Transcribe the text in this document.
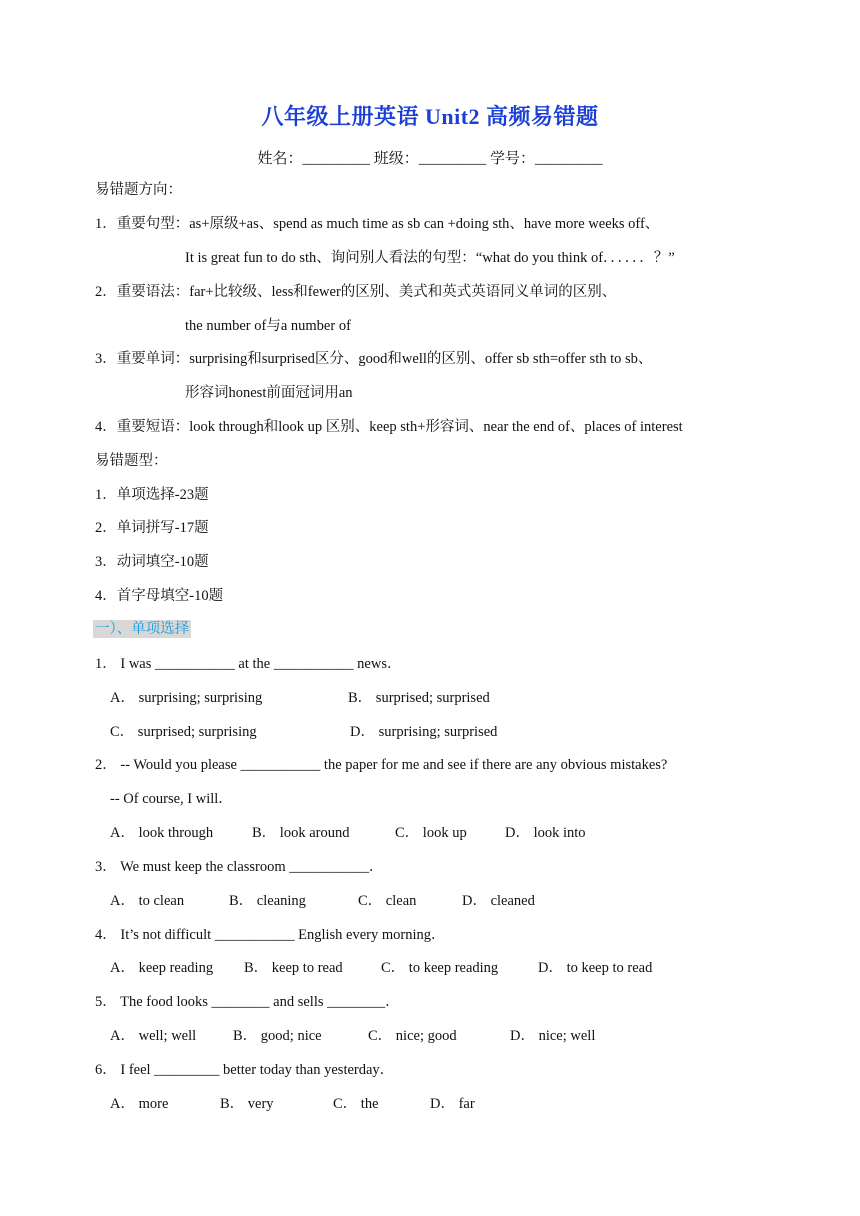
八年级上册英语 Unit2 高频易错题
姓名：_________ 班级：_________ 学号：_________
易错题方向：
1．重要句型：as+原级+as、spend as much time as sb can +doing sth、have more weeks off、
It is great fun to do sth、询问别人看法的句型：“what do you think of．．．．．．？”
2．重要语法：far+比较级、less和fewer的区别、美式和英式英语同义单词的区别、
the number of与a number of
3．重要单词：surprising和surprised区分、good和well的区别、offer sb sth=offer sth to sb、
形容词honest前面冠词用an
4．重要短语：look through和look up 区别、keep sth+形容词、near the end of、places of interest
易错题型：
1．单项选择-23题
2．单词拼写-17题
3．动词填空-10题
4．首字母填空-10题
一）、单项选择
1． I was ___________ at the ___________ news．
A． surprising; surprising	B． surprised; surprised
C． surprised; surprising	D． surprising; surprised
2． -- Would you please ___________ the paper for me and see if there are any obvious mistakes?
-- Of course, I will．
A． look through	B． look around	C． look up	D． look into
3． We must keep the classroom ___________．
A． to clean	B． cleaning	C． clean	D． cleaned
4． It’s not difficult ___________ English every morning．
A． keep reading B． keep to read	C． to keep reading	D． to keep to read
5． The food looks ________ and sells ________．
A． well; well	B． good; nice	C． nice; good	D． nice; well
6． I feel _________ better today than yesterday．
A． more	B． very	C． the	D． far
